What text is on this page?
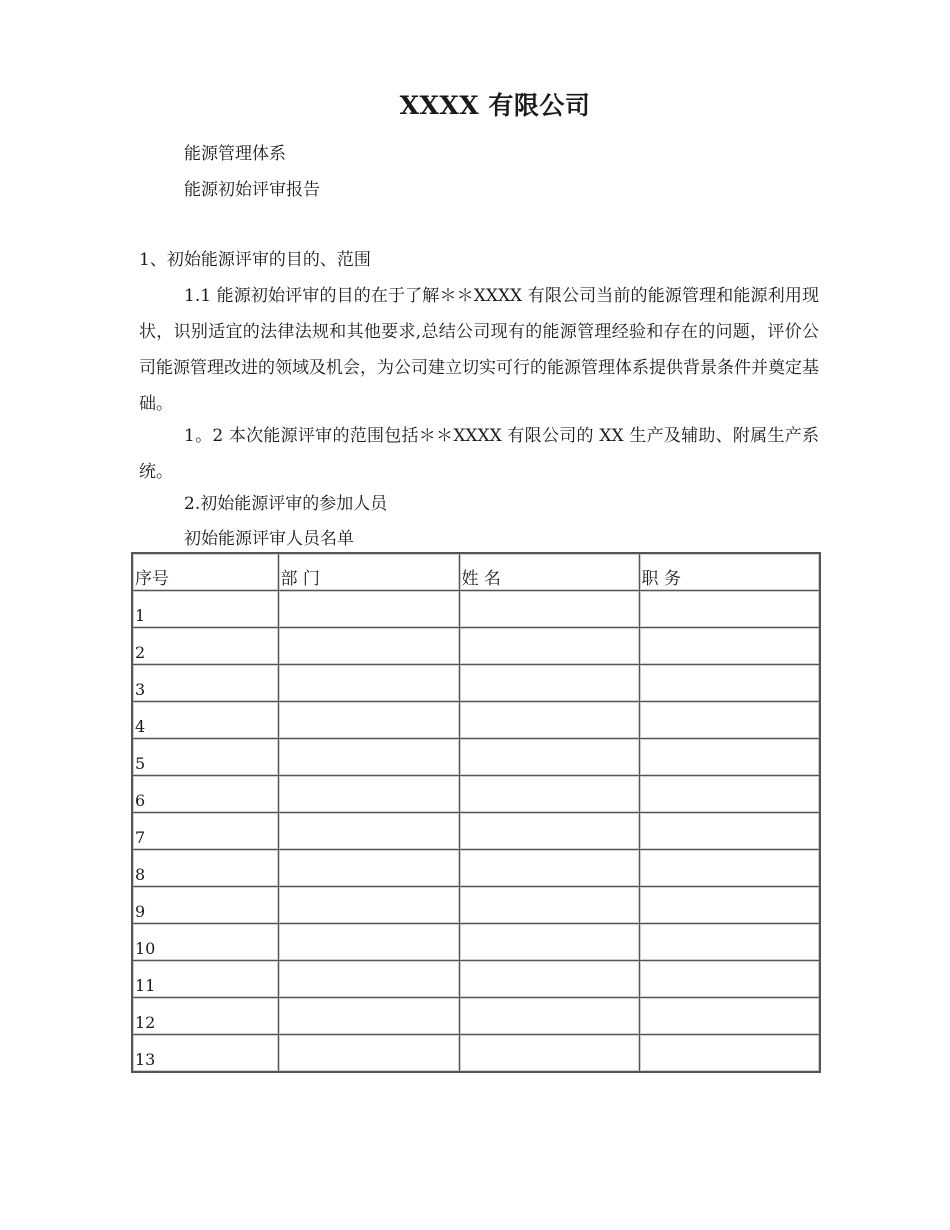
XXXX 有限公司
能源管理体系
能源初始评审报告
1、初始能源评审的目的、范围
1.1 能源初始评审的目的在于了解＊＊XXXX 有限公司当前的能源管理和能源利用现状，识别适宜的法律法规和其他要求,总结公司现有的能源管理经验和存在的问题，评价公司能源管理改进的领域及机会，为公司建立切实可行的能源管理体系提供背景条件并奠定基础。
1。2 本次能源评审的范围包括＊＊XXXX 有限公司的 XX 生产及辅助、附属生产系统。
2.初始能源评审的参加人员
初始能源评审人员名单
序号	部 门	姓 名	职 务
1			
2			
3			
4			
5			
6			
7			
8			
9			
10			
11			
12			
13			
